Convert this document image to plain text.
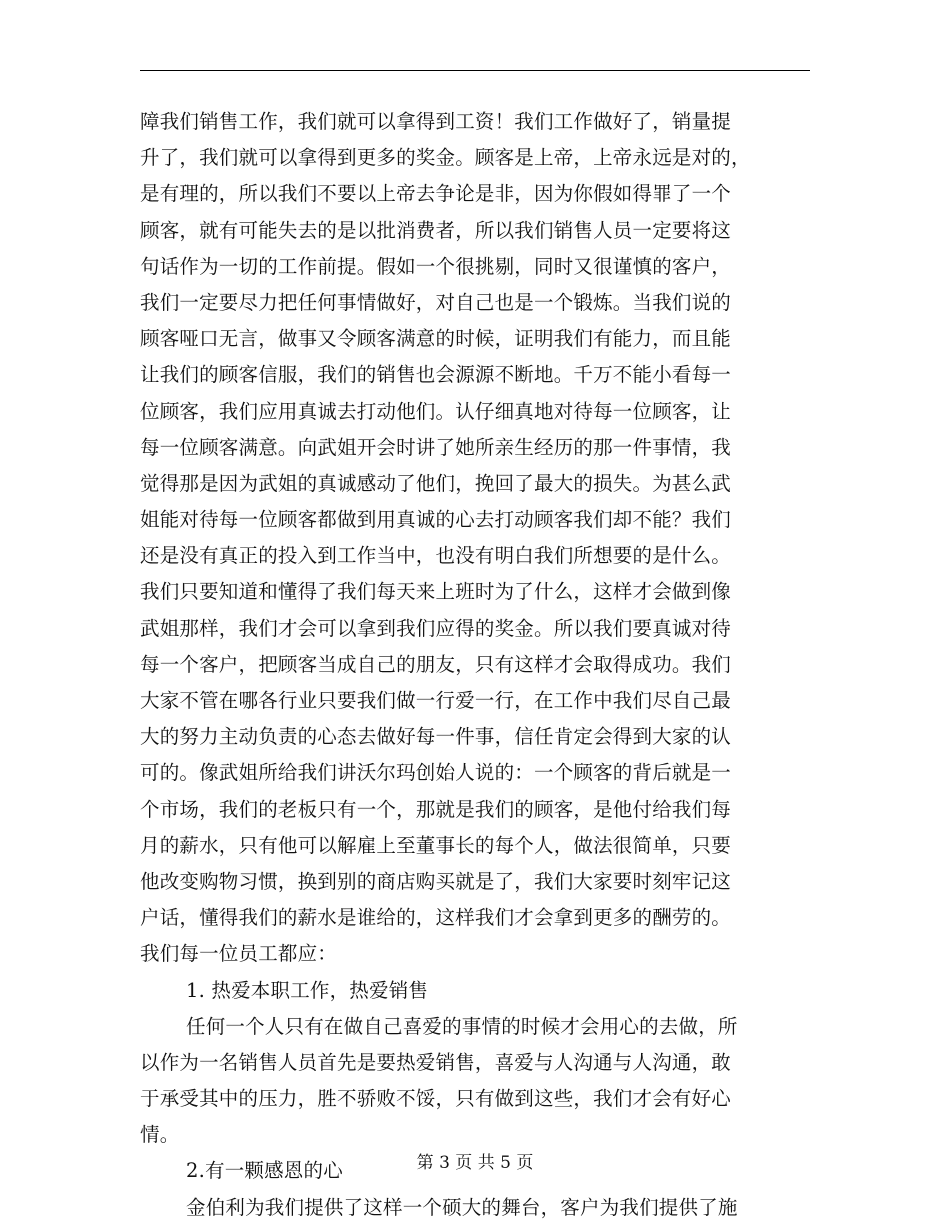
障我们销售工作，我们就可以拿得到工资！我们工作做好了，销量提
升了，我们就可以拿得到更多的奖金。顾客是上帝，上帝永远是对的，
是有理的，所以我们不要以上帝去争论是非，因为你假如得罪了一个
顾客，就有可能失去的是以批消费者，所以我们销售人员一定要将这
句话作为一切的工作前提。假如一个很挑剔，同时又很谨慎的客户，
我们一定要尽力把任何事情做好，对自己也是一个锻炼。当我们说的
顾客哑口无言，做事又令顾客满意的时候，证明我们有能力，而且能
让我们的顾客信服，我们的销售也会源源不断地。千万不能小看每一
位顾客，我们应用真诚去打动他们。认仔细真地对待每一位顾客，让
每一位顾客满意。向武姐开会时讲了她所亲生经历的那一件事情，我
觉得那是因为武姐的真诚感动了他们，挽回了最大的损失。为甚么武
姐能对待每一位顾客都做到用真诚的心去打动顾客我们却不能？我们
还是没有真正的投入到工作当中，也没有明白我们所想要的是什么。
我们只要知道和懂得了我们每天来上班时为了什么，这样才会做到像
武姐那样，我们才会可以拿到我们应得的奖金。所以我们要真诚对待
每一个客户，把顾客当成自己的朋友，只有这样才会取得成功。我们
大家不管在哪各行业只要我们做一行爱一行，在工作中我们尽自己最
大的努力主动负责的心态去做好每一件事，信任肯定会得到大家的认
可的。像武姐所给我们讲沃尔玛创始人说的：一个顾客的背后就是一
个市场，我们的老板只有一个，那就是我们的顾客，是他付给我们每
月的薪水，只有他可以解雇上至董事长的每个人，做法很简单，只要
他改变购物习惯，换到别的商店购买就是了，我们大家要时刻牢记这
户话，懂得我们的薪水是谁给的，这样我们才会拿到更多的酬劳的。
我们每一位员工都应：
1. 热爱本职工作，热爱销售
任何一个人只有在做自己喜爱的事情的时候才会用心的去做，所
以作为一名销售人员首先是要热爱销售，喜爱与人沟通与人沟通，敢
于承受其中的压力，胜不骄败不馁，只有做到这些，我们才会有好心
情。
2.有一颗感恩的心
金伯利为我们提供了这样一个硕大的舞台，客户为我们提供了施
第 3 页 共 5 页
